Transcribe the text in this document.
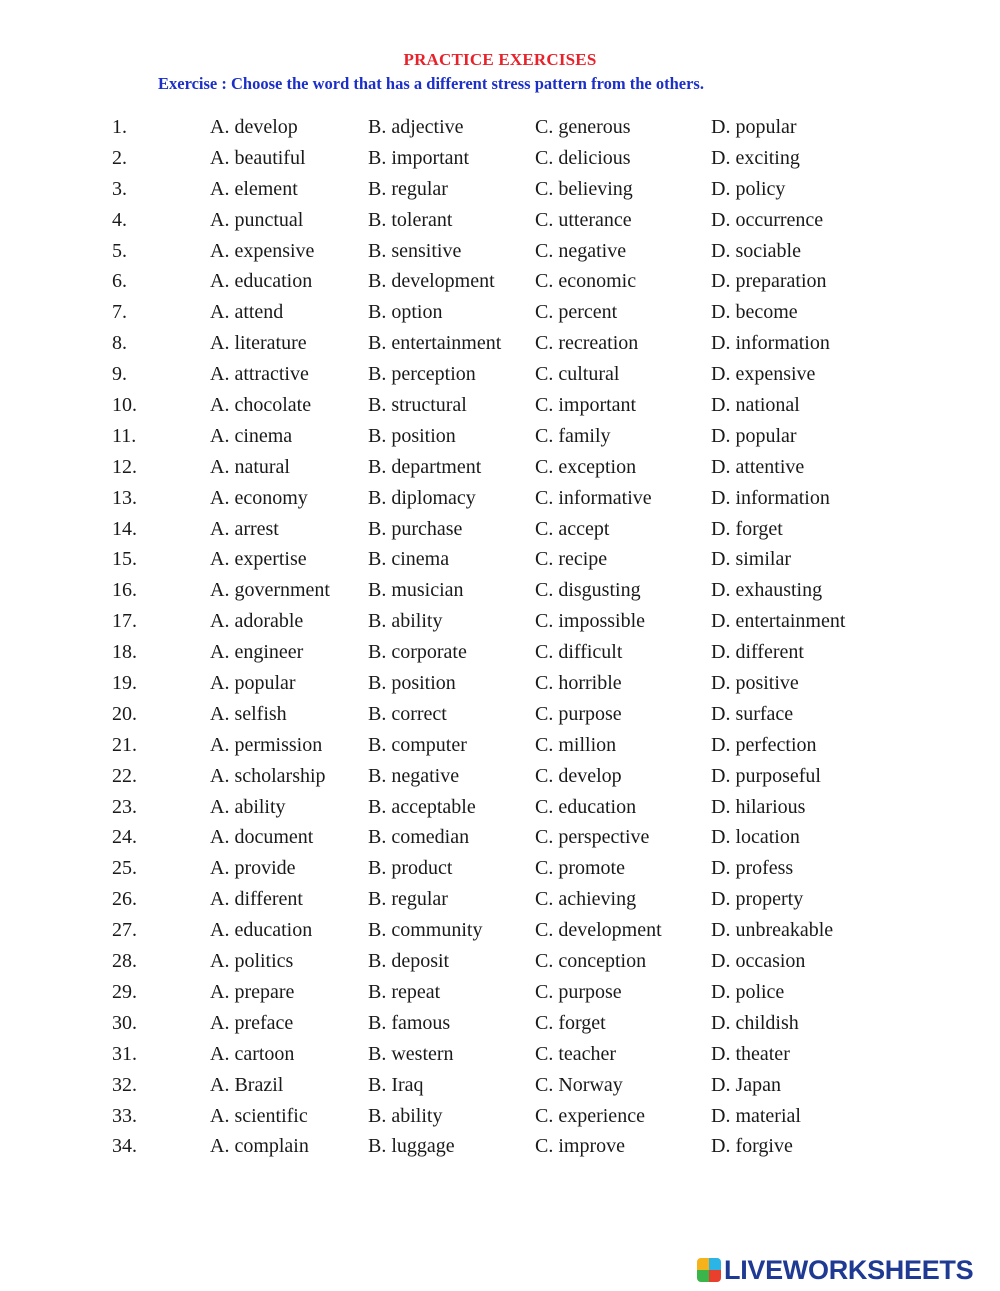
PRACTICE EXERCISES
Exercise : Choose the word that has a different stress pattern from the others.
1.	A. develop	B. adjective	C. generous	D. popular
2.	A. beautiful	B. important	C. delicious	D. exciting
3.	A. element	B. regular	C. believing	D. policy
4.	A. punctual	B. tolerant	C. utterance	D. occurrence
5.	A. expensive	B. sensitive	C. negative	D. sociable
6.	A. education	B. development C. economic	D. preparation
7.	A. attend	B. option	C. percent	D. become
8.	A. literature	B. entertainment C. recreation	D. information
9.	A. attractive	B. perception	C. cultural	D. expensive
10.	A. chocolate	B. structural	C. important	D. national
11.	A. cinema	B. position	C. family	D. popular
12.	A. natural	B. department	C. exception	D. attentive
13.	A. economy	B. diplomacy	C. informative	D. information
14.	A. arrest	B. purchase	C. accept	D. forget
15.	A. expertise	B. cinema	C. recipe	D. similar
16.	A. government B. musician	C. disgusting	D. exhausting
17.	A. adorable	B. ability	C. impossible	D. entertainment
18.	A. engineer	B. corporate	C. difficult	D. different
19.	A. popular	B. position	C. horrible	D. positive
20.	A. selfish	B. correct	C. purpose	D. surface
21.	A. permission B. computer	C. million	D. perfection
22.	A. scholarship B. negative	C. develop	D. purposeful
23.	A. ability	B. acceptable	C. education	D. hilarious
24.	A. document	B. comedian	C. perspective	D. location
25.	A. provide	B. product	C. promote	D. profess
26.	A. different	B. regular	C. achieving	D. property
27.	A. education	B. community	C. development D. unbreakable
28.	A. politics	B. deposit	C. conception	D. occasion
29.	A. prepare	B. repeat	C. purpose	D. police
30.	A. preface	B. famous	C. forget	D. childish
31.	A. cartoon	B. western	C. teacher	D. theater
32.	A. Brazil	B. Iraq	C. Norway	D. Japan
33.	A. scientific	B. ability	C. experience	D. material
34.	A. complain	B. luggage	C. improve	D. forgive
LIVEWORKSHEETS
